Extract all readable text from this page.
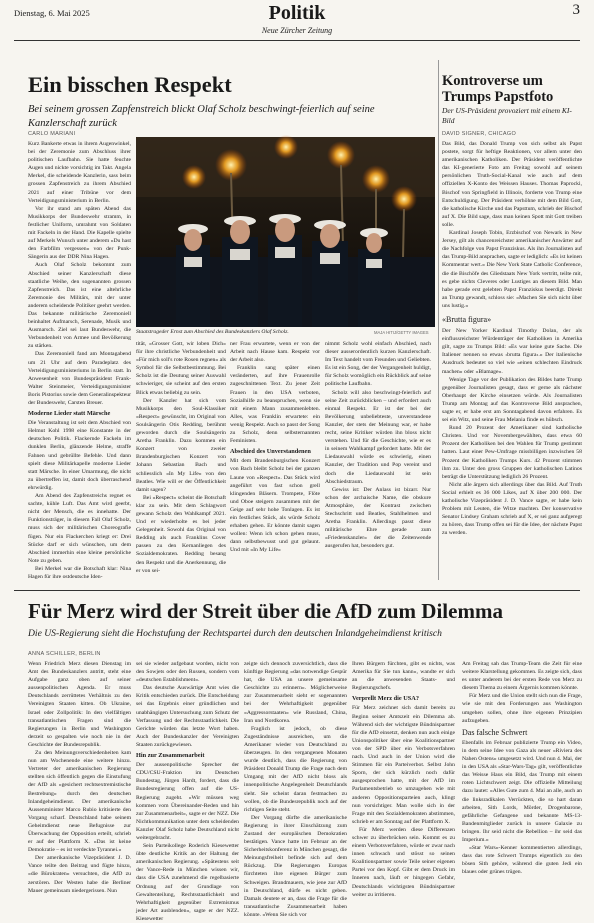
Dienstag, 6. Mai 2025	Politik
Neue Zürcher Zeitung
3
Ein bisschen Respekt
Bei seinem grossen Zapfenstreich blickt Olaf Scholz beschwingt-feierlich auf seine Kanzlerschaft zurück
CARLO MARIANI
Staatstrageder Ernst zum Abschied des Bundeskanzlers Olaf Scholz.	MAJA HITIJ/GETTY IMAGES

Kurz Bankerte etwas in ihrem Augenwinkel, bei der Zeremonie zum Abschluss ihrer politischen Laufbahn. Sie hatte feuchte Augen und nickte vorsichtig im Takt. Angela Merkel, die scheidende Kanzlerin, sass beim grossen Zapfenstreich zu ihrem Abschied 2021 auf einer Tribüne vor dem Verteidigungsministerium in Berlin.

Vor ihr stand am späten Abend das Musikkorps der Bundeswehr stramm, in festlicher Uniform, umrahmt von Soldaten mit Fackeln in der Hand. Die Kapelle spielte auf Merkels Wunsch unter anderem «Du hast den Farbfilm vergessen» von der Punk-Sängerin aus der DDR Nina Hagen.

Auch Olaf Scholz bekommt zum Abschied seiner Kanzlerschaft diese staatliche Weihe, den sogenannten grossen Zapfenstreich. Das ist eine altehrliche Zeremonie des Militärs, mit der unter anderem scheidende Politiker geehrt werden. Das bekannte militärische Zeremoniell beinhaltet Aufmarsch, Serenade, Musik und Ausmarsch. Ziel sei laut Bundeswehr, die Verbundenheit von Armee und Bevölkerung zu stärken.

Das Zeremoniell fand am Montagabend um 21 Uhr auf dem Paradeplatz des Verteidigungsministeriums in Berlin statt. In Anwesenheit von Bundespräsident Frank-Walter Steinmeier, Verteidigungsminister Boris Pistorius sowie dem Generalinspekteur der Bundeswehr, Carsten Breuer.

Moderne Lieder statt Märsche

Die Veranstaltung ist seit dem Abschied von Helmut Kohl 1998 eine Konstante in der deutschen Politik. Flackernde Fackeln im dunklen Berlin, glänzende Helme, straffe Fahnen und gebrüllte Befehle. Und dann spielt diese Militärkapelle moderne Lieder statt Märsche. In einer Umarmung, die nicht zu übertreffen ist, damit doch überraschend ehrwürdig.

Am Abend des Zapfenstreichs regnet es sachte, kühle Luft. Das Amt wird geerbt, nicht der Mensch, die es innehatte. Der Funktionsträger, in diesem Fall Olaf Scholz, muss sich der militärischen Choreografie fügen. Nur ein Flackerchen kriegt er: Drei Stücke darf er sich wünschen, um dem Abschied immerhin eine kleine persönliche Note zu geben.

Bei Merkel war die Botschaft klar: Nina Hagen für ihre ostdeutsche Iden-

tität, «Grosser Gott, wir loben Dich» für ihre christliche Verbundenheit und «Für mich soll's rote Rosen regnen» als Symbol für die Selbstbestimmung. Bei Scholz ist die Deutung seiner Auswahl schwieriger, sie scheint auf den ersten Blick etwas beliebig zu sein.

Der Kanzler hat sich vom Musikkorps den Soul-Klassiker «Respect» gewünscht, im Original von Soulsängerin Otis Redding, berühmt geworden durch die Soulsängerin Aretha Franklin. Dazu kommen ein Konzert von zweier Brandenburgischen Konzert von Johann Sebastian Bach und schliesslich «In My Life» von den Beatles. Wie will er der Öffentlichkeit damit sagen?

Bei «Respect» scheint die Botschaft klar zu sein. Mit dem Schlagwort gewann Scholz den Wahlkampf 2021. Und er wiederholte es bei jeder Gelegenheit. Sowohl das Original von Redding als auch Franklins Cover passen zu den Kernanliegen des Sozialdemokraten. Redding besang den Respekt und die Anerkennung, die er von sei-

ner Frau erwartete, wenn er von der Arbeit nach Hause kam. Respekt vor der Arbeit also.

Franklin sang später einen veränderten, auf ihre Frauenrolle zugeschnittenen Text. Zu jener Zeit Frauen in den USA verboten, Sozialhilfe zu beanspruchen, wenn sie mit einem Mann zusammenlebten. Alles, was Franklin erwartete: ein wenig Respekt. Auch so passt der Song zu Scholz, denn selbsternannten Feministen.

Abschied des Unverstandenen

Mit dem Brandenburgischen Konzert von Bach bleibt Scholz bei der ganzen Laune von «Respect». Das Stück wird angeführt von fast schon grell klingenden Bläsern. Trompete, Flöte und Oboe steigern zusammen mit der Geige auf sehr hohe Tonlagen. Es ist ein festliches Stück, als würde Scholz erhaben gehen. Er könnte damit sagen wollen: Wenn ich schon gehen muss, dann selbstbewusst und gut gelaunt. Und mit «In My Life»

nimmt Scholz wohl einfach Abschied, nach dieser ausserordentlich kurzen Kanzlerschaft. Im Text handelt vom Freunden und Geliebten. Es ist ein Song, der der Vergangenheit huldigt, für Scholz womöglich ein Rückblick auf seine politische Laufbahn.

Scholz will also beschwingt-feierlich auf seine Zeit zurückblicken – und erfordert auch einmal Respekt. Er ist der bei der Bevölkerung unbeliebteste, unverstandene Kanzler, der stets der Meinung war, er habe recht, seine Kritiker würden ihn bloss nicht verstehen. Und für die Geschichte, wie er es in seinem Wahlkampf gefordert hatte. Mit der Liedauswahl würde es schwierig, einen Kanzler, der Tradition und Pop vereint und doch die Liedauswahl ist sein Abschiedstraum.

Gewiss ist: Der Anlass ist bizarr. Nur schon der archaische Name, die obskure Atmosphäre, der Kontrast zwischen Stechschritt und Beatles, Stahlhelmen und Aretha Franklin. Allerdings passt diese militärische Ehre gerade zum «Friedenskanzler» der die Zeitenwende ausgerufen hat, besonders gut.

Kontroverse um Trumps Papstfoto
Der US-Präsident provoziert mit einem KI-Bild
DAVID SIGNER, CHICAGO

Das Bild, das Donald Trump von sich selbst als Papst postete, sorgt für heftige Reaktionen, vor allem unter den amerikanischen Katholiken. Der Präsident veröffentlichte das KI-generierte Foto am Freitag sowohl auf seinem persönlichen Truth-Social-Kanal wie auch auf dem offiziellen X-Konto des Weissen Hauses. Thomas Paprocki, Bischof von Springfield in Illinois, forderte von Trump eine Entschuldigung. Der Präsident verhöhne mit dem Bild Gott, die katholische Kirche und das Papsttum, schrieb der Bischof auf X. Die Bild sage, dass man keinen Spott mit Gott treiben solle.

Kardinal Joseph Tobin, Erzbischof von Newark in New Jersey, gilt als chancenreichster amerikanischer Anwärter auf die Nachfolge von Papst Franziskus. Als ihn Journalisten auf das Trump-Bild ansprachen, sagte er lediglich: «Es ist keinen Kommentar wert.» Die New York State Catholic Conference, die die Bischöfe des Gliedstaats New York vertritt, teilte mit, es gebe nichts Cleveres oder Lustiges an diesem Bild. Man habe gerade erst gelebten Papst Franziskus beerdigt. Direkt an Trump gewandt, schloss sie: «Machen Sie sich nicht über uns lustig.»

«Brutta figura»

Der New Yorker Kardinal Timothy Dolan, der als einflussreichster Würdenträger der Katholiken in Amerika gilt, sagte zu Trumps Bild: «Es war keine gute Sache. Die Italiener nennen so etwas ‹brutta figura›.» Der italienische Ausdruck bedeutet so viel wie «einen schlechten Eindruck machen» oder «Blamage».

Wenige Tage vor der Publikation des Bildes hatte Trump gegenüber Journalisten gesagt, dass er gerne als nächster Oberhaupt der Kirche einsetzen würde. Als Journalisten Trump am Montag auf das Kontroverse Bild ansprachen, sagte er, er habe erst am Sonntagabend davon erfahren. Es sei ein Witz, und seine Frau Melania finde es hübsch.

Rund 20 Prozent der Amerikaner sind katholische Christen. Und vor Novembergewählten, dass etwa 60 Prozent der Katholiken bei den Wahlen für Trump gestimmt hatten. Laut einer Pew-Umfrage missbilligen inzwischen 58 Prozent der Katholiken Trumps Kurs. 42 Prozent stimmen ihm zu. Unter den gross Gruppen der katholischen Latinos beträgt die Unterstützung lediglich 26 Prozent.

Nicht alle ärgern sich allerdings über das Bild. Auf Truth Social erhielt es 36 000 Likes, auf X über 200 000. Der katholische Vizepräsident J. D. Vance sagte, er habe kein Problem mit Leuten, die Witze machten. Der konservative Senator Lindsey Graham schrieb auf X, er sei ganz aufgeregt zu hören, dass Trump offen sei für die Idee, der nächste Papst zu werden.

Für Merz wird der Streit über die AfD zum Dilemma
Die US-Regierung sieht die Hochstufung der Rechtspartei durch den deutschen Inlandgeheimdienst kritisch
ANNA SCHILLER, BERLIN

Wenn Friedrich Merz diesen Dienstag im Amt des Bundeskanzlers antritt, steht eine Aufgabe ganz oben auf seiner aussenpolitischen Agenda. Er muss Deutschlands zerrüttetes Verhältnis zu den Vereinigten Staaten kitten. Ob Ukraine, Israel oder Zollpolitik: In den vielfältigen transatlantischen Fragen sind die Regierungen in Berlin und Washington derzeit so gespalten wie noch nie in der Geschichte der Bundesrepublik.

Zu den Meinungsverschiedenheiten kam nun am Wochenende eine weitere hinzu. Vertreter der amerikanischen Regierung stellten sich öffentlich gegen die Einstufung der AfD als «gesichert rechtsextremistische Bestrebung» durch den deutschen Inlandgeheimdienst. Der amerikanische Aussenminister Marco Rubio kritisierte den Vorgang scharf. Deutschland habe seinem Geheimdienst neue Befugnisse zur Überwachung der Opposition erteilt, schrieb er auf der Plattform X. «Das ist keine Demokratie – es ist verdeckte Tyrannei.»

Der amerikanische Vizepräsident J. D. Vance teilte den Beitrag und fügte hinzu, «die Bürokraten» versuchten, die AfD zu zerstören. Der Westen habe die Berliner Mauer gemeinsam niedergerissen. Nun

sei sie wieder aufgebaut worden, nicht von den Sowjets oder den Russen, sondern vom «deutschen Establishment».

Das deutsche Auswärtige Amt wies die Kritik entschieden zurück. Die Entscheidung sei das Ergebnis einer gründlichen und unabhängigen Untersuchung zum Schutz der Verfassung und der Rechtsstaatlichkeit. Die Gerichte würden das letzte Wort haben. Auch der Bundeskanzler der Vereinigten Staaten zurückgewiesen.

Hin zur Zusammenarbeit

Der aussenpolitische Sprecher der CDU/CSU-Fraktion im Deutschen Bundestag, Jürgen Hardt, fordert, dass die Bundesregierung offen auf die US-Regierung zugeht. «Wir müssen weg kommen vom Übereinander-Reden und hin zur Zusammenarbeit», sagte er der NZZ. Die Nichtkommunikation unter dem scheidenden Kanzler Olaf Scholz habe Deutschland nicht weitergebracht.

Sein Parteikollege Roderich Kiesewetter übte deutliche Kritik an der Haltung der amerikanischen Regierung. «Spätestens seit der Vance-Rede in München wissen wir, dass die USA zunehmend die regelbasierte Ordnung auf der Grundlage von Gewaltenteilung, Rechtsstaatlichkeit und Wehrhaftigkeit gegenüber Extremismus jeder Art ausblenden», sagte er der NZZ. Kiesewetter

zeigte sich dennoch zuversichtlich, dass die künftige Regierung «das notwendige Gespür hat, die USA an unsere gemeinsame Geschichte zu erinnern». Möglicherweise zur Zusammenarbeit sieht er sogenannten bei der Wehrhaftigkeit gegenüber «Aggressorstaaten» wie Russland, China, Iran und Nordkorea.

Fraglich ist jedoch, ob diese Zugeständnisse ausreichen, um die Amerikaner wieder von Deutschland zu überzeugen. In den vergangenen Monaten wurde deutlich, dass die Regierung von Präsident Donald Trump die Frage nach dem Umgang mit der AfD nicht bloss als innenpolitische Angelegenheit Deutschlands sieht. Sie scheint daran festmachen zu wollen, ob die Bundesrepublik noch auf der richtigen Seite steht.

Der Vorgang dürfte die amerikanische Regierung in ihrer Einschätzung zum Zustand der europäischen Demokratien bestätigen. Vance hatte im Februar an der Sicherheitskonferenz in München gesagt, die Meinungsfreiheit befinde sich auf dem Rückzug. Die Regierungen Europas fürchteten ihre eigenen Bürger zum Schweigen. Brandmauern, wie jene zur AfD in Deutschland, dürfe es nicht geben. Damals deutete er an, dass die Frage für die transatlantische Zusammenarbeit haben könnte. «Wenn Sie sich vor

Ihren Bürgern fürchten, gibt es nichts, was Amerika für Sie tun kann», wandte er sich an die anwesenden Staats- und Regierungschefs.

Verprellt Merz die USA?

Für Merz zeichnet sich damit bereits zu Beginn seiner Amtszeit ein Dilemma ab. Während sich der wichtigste Bündnispartner für die AfD einsetzt, denken nun auch einige Unionspolitiker über eine Koalitionspartner von der SPD über ein Verbotsverfahren nach. Und auch in der Union wird die Stimmen für ein Parteiverbot. Selbst John Sporn, der sich kürzlich noch dafür ausgesprochen hatte, mit der AfD im Parlamentsbetrieb so umzugehen wie mit anderen Oppositionsparteien auch, klingt nun vorsichtiger. Man wolle sich in der Frage mit den Sozialdemokraten abstimmen, schrieb er am Sonntag auf der Plattform X.

Für Merz werden diese Differenzen schwer zu überbrücken sein. Kommt es zu einem Verbotsverfahren, würde er zwar nach innen schwach und stösst so seinen Koalitionspartner sowie Teile seiner eigenen Partei vor den Kopf. Gibt er dem Druck im Inneren nach, läuft er hingegen Gefahr, Deutschlands wichtigsten Bündnispartner weiter zu irritieren.

Am Freitag sah das Trump-Team die Zeit für eine weitere Klarstellung gekommen. Es zeigte sich, dass es unter anderem bei der ersten Rede von Merz zu diesem Thema zu einem Ärgernis kommen könnte.

Für Merz und die Union stellt sich nun die Frage, wie sie mit den Forderungen aus Washington umgehen sollen, ohne ihre eigenen Prinzipien aufzugeben.

Das falsche Schwert

Ebenfalls im Februar publizierte Trump ein Video, in dem seine Idee von Gaza als neuer «Riviera des Nahen Ostens» umgesetzt wird. Und nun 4. Mai, der in den USA als «Star-Wars-Tag» gilt, veröffentlichte das Weisse Haus ein Bild, das Trump mit einem roten Lichtschwert zeigt. Die offizielle Mitteilung dazu lautet: «Alles Gute zum 4. Mai an alle, auch an die linksradikalen Verrückten, die so hart daran arbeiten, Sith Lords, Mörder, Drogenbarone, gefährliche Gefangene und bekannte MS-13-Bandenmitglieder zurück in unsere Galaxie zu bringen. Ihr seid nicht die Rebellion – ihr seid das Imperium.»

«Star Wars»-Kenner kommentierten allerdings, dass das rote Schwert Trumps eigentlich zu den bösen Sith gehöre, während die guten Jedi ein blaues oder grünes trügen.
